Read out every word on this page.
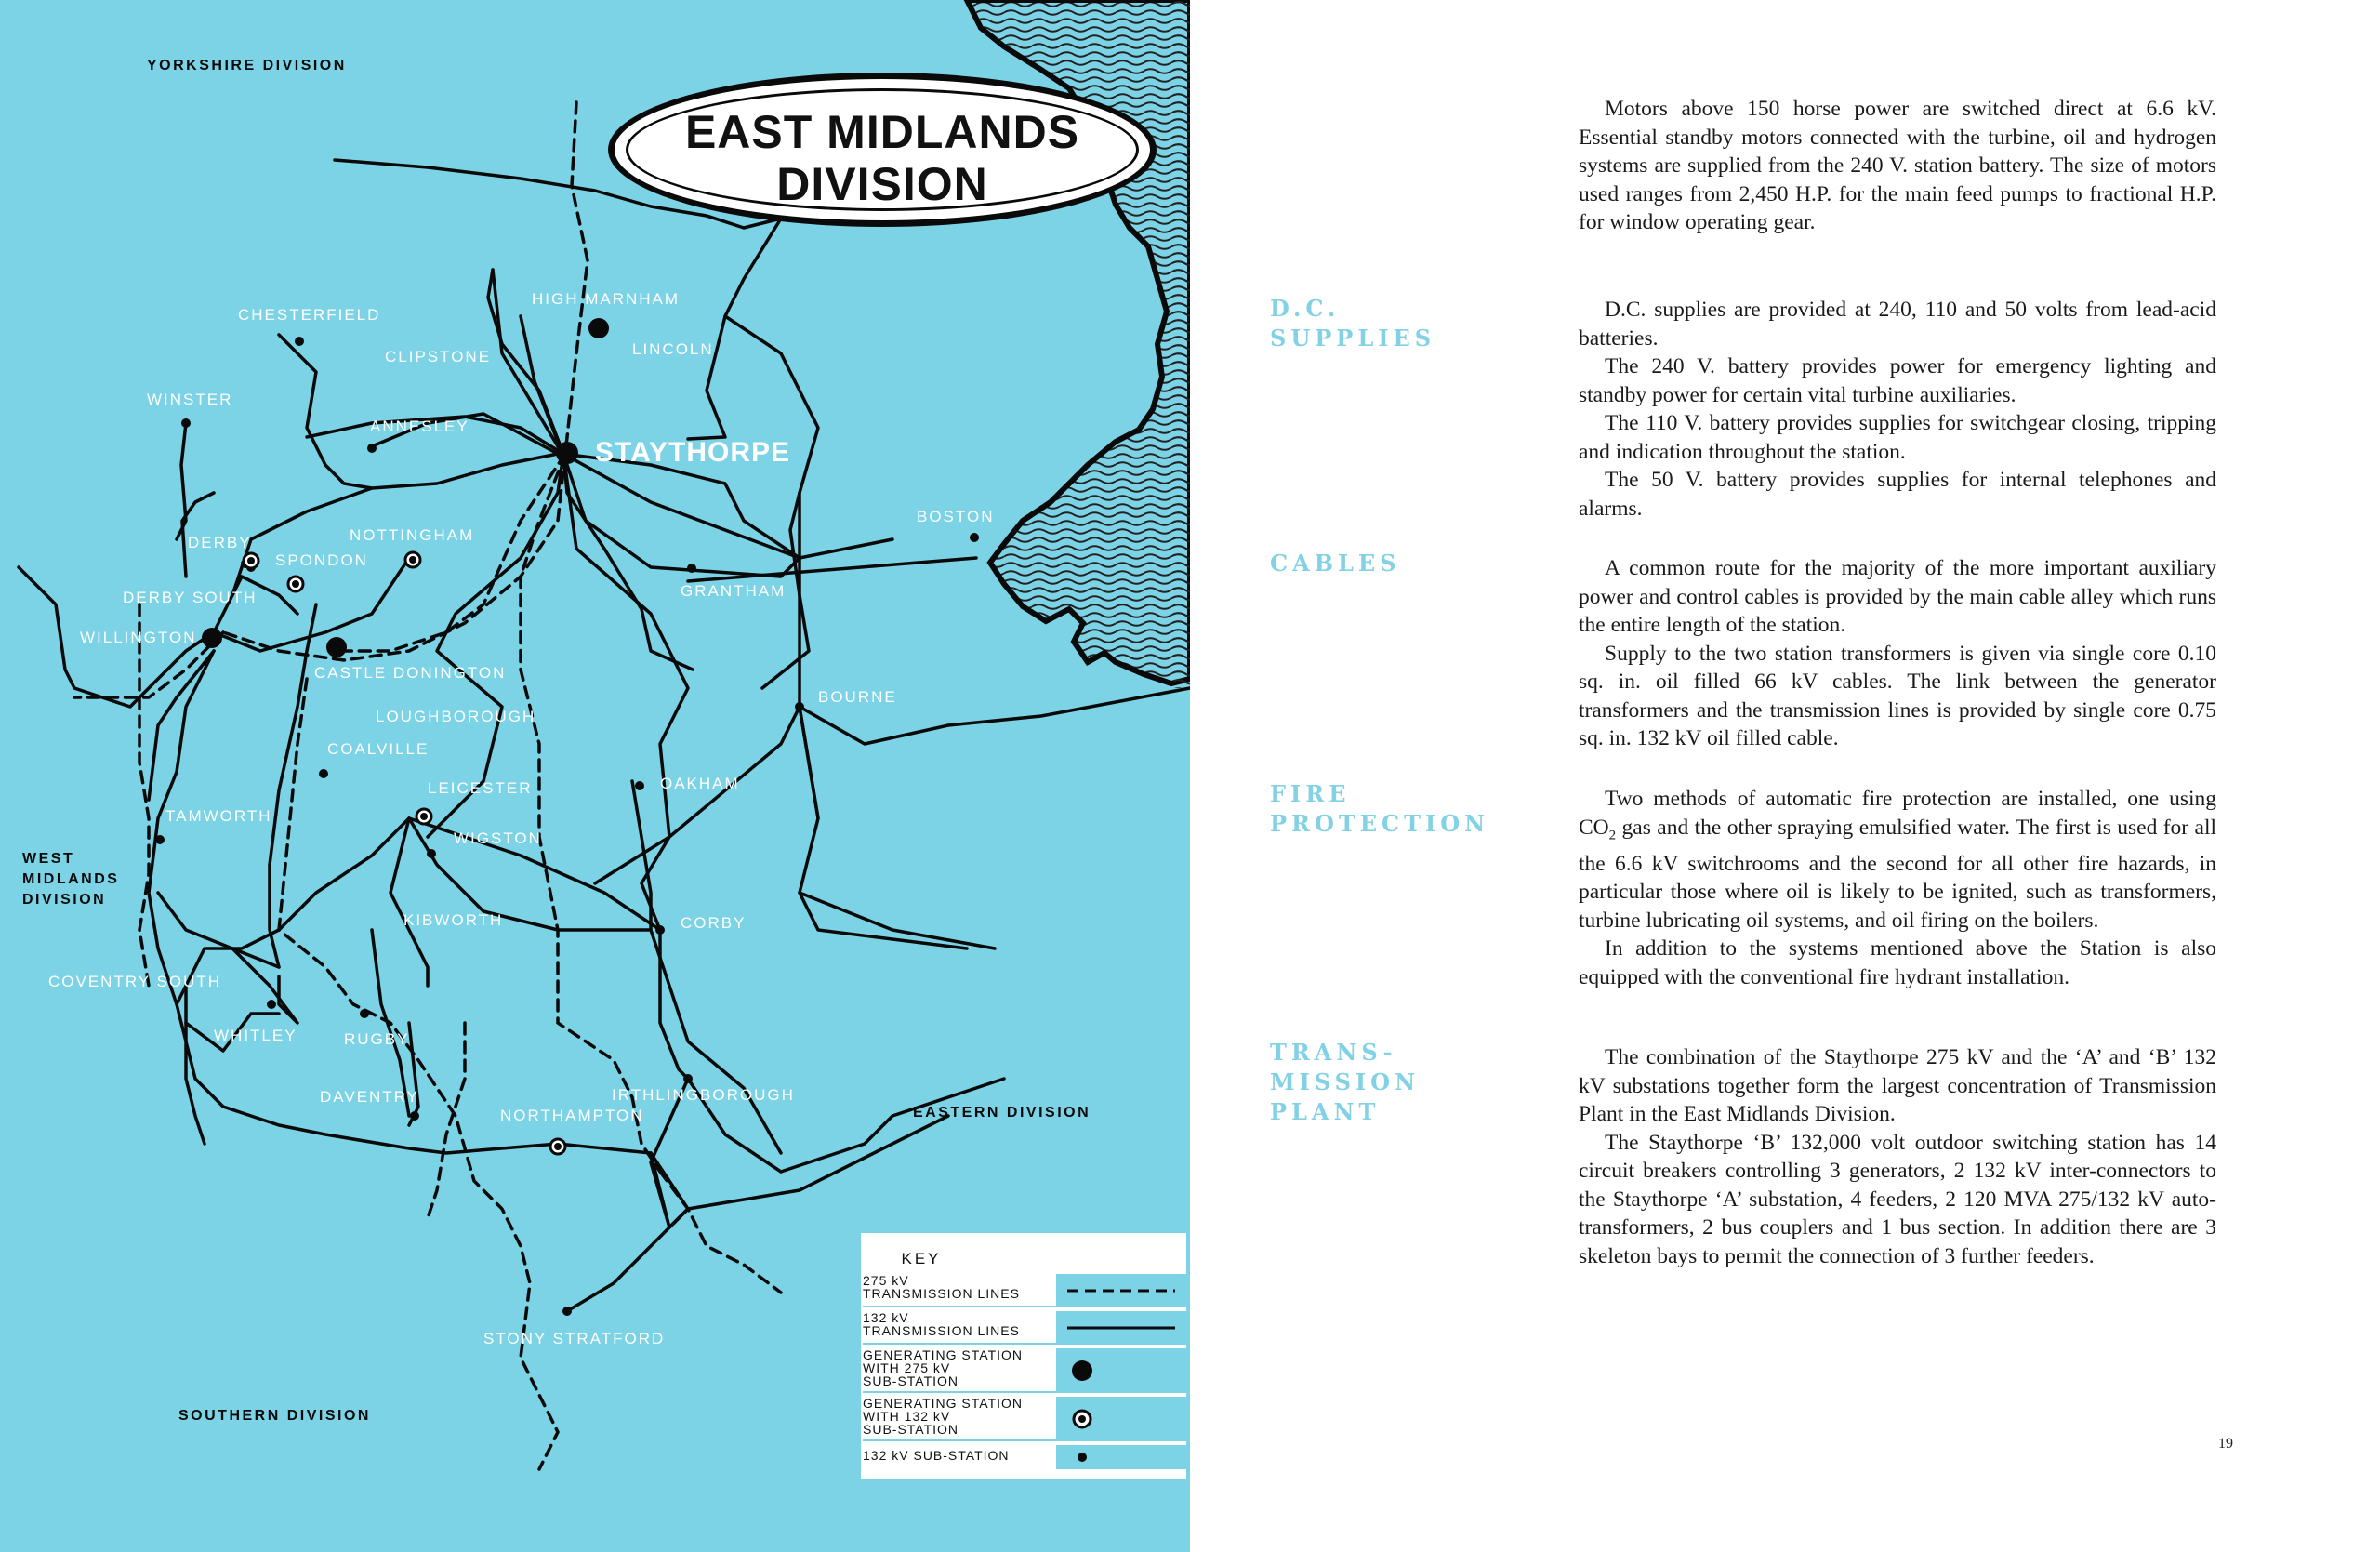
EAST MIDLANDS
DIVISION
YORKSHIRE DIVISION
WEST
MIDLANDS
DIVISION
EASTERN DIVISION
SOUTHERN DIVISION
HIGH MARNHAM
CHESTERFIELD
CLIPSTONE	LINCOLN
WINSTER
ANNESLEY
STAYTHORPE
BOSTON
NOTTINGHAM
DERBY
SPONDON
DERBY SOUTH	GRANTHAM
WILLINGTON
CASTLE DONINGTON
LOUGHBOROUGH
BOURNE
COALVILLE
LEICESTER	OAKHAM
TAMWORTH
WIGSTON
KIBWORTH	CORBY
COVENTRY SOUTH
WHITLEY	RUGBY
DAVENTRY	IRTHLINGBOROUGH
NORTHAMPTON
STONY STRATFORD
KEY
275 kV
TRANSMISSION LINES
132 kV
TRANSMISSION LINES
GENERATING STATION
WITH 275 kV
SUB-STATION
GENERATING STATION
WITH 132 kV
SUB-STATION
132 kV SUB-STATION
D.C.
SUPPLIES
CABLES
FIRE
PROTECTION
TRANS-
MISSION
PLANT

Motors above 150 horse power are switched direct at 6.6 kV. Essential standby motors connected with the turbine, oil and hydrogen systems are supplied from the 240 V. station battery. The size of motors used ranges from 2,450 H.P. for the main feed pumps to fractional H.P. for window operating gear.

D.C. supplies are provided at 240, 110 and 50 volts from lead-acid batteries.

The 240 V. battery provides power for emergency lighting and standby power for certain vital turbine auxiliaries.

The 110 V. battery provides supplies for switchgear closing, tripping and indication throughout the station.

The 50 V. battery provides supplies for internal telephones and alarms.

A common route for the majority of the more important auxiliary power and control cables is provided by the main cable alley which runs the entire length of the station.

Supply to the two station transformers is given via single core 0.10 sq. in. oil filled 66 kV cables. The link between the generator transformers and the transmission lines is provided by single core 0.75 sq. in. 132 kV oil filled cable.

Two methods of automatic fire protection are installed, one using $CO_2$ gas and the other spraying emulsified water. The first is used for all the 6.6 kV switchrooms and the second for all other fire hazards, in particular those where oil is likely to be ignited, such as transformers, turbine lubricating oil systems, and oil firing on the boilers.

In addition to the systems mentioned above the Station is also equipped with the conventional fire hydrant installation.

The combination of the Staythorpe 275 kV and the ‘A’ and ‘B’ 132 kV substations together form the largest concentration of Transmission Plant in the East Midlands Division.

The Staythorpe ‘B’ 132,000 volt outdoor switching station has 14 circuit breakers controlling 3 generators, 2 132 kV inter-connectors to the Staythorpe ‘A’ substation, 4 feeders, 2 120 MVA 275/132 kV auto-transformers, 2 bus couplers and 1 bus section. In addition there are 3 skeleton bays to permit the connection of 3 further feeders.

19
